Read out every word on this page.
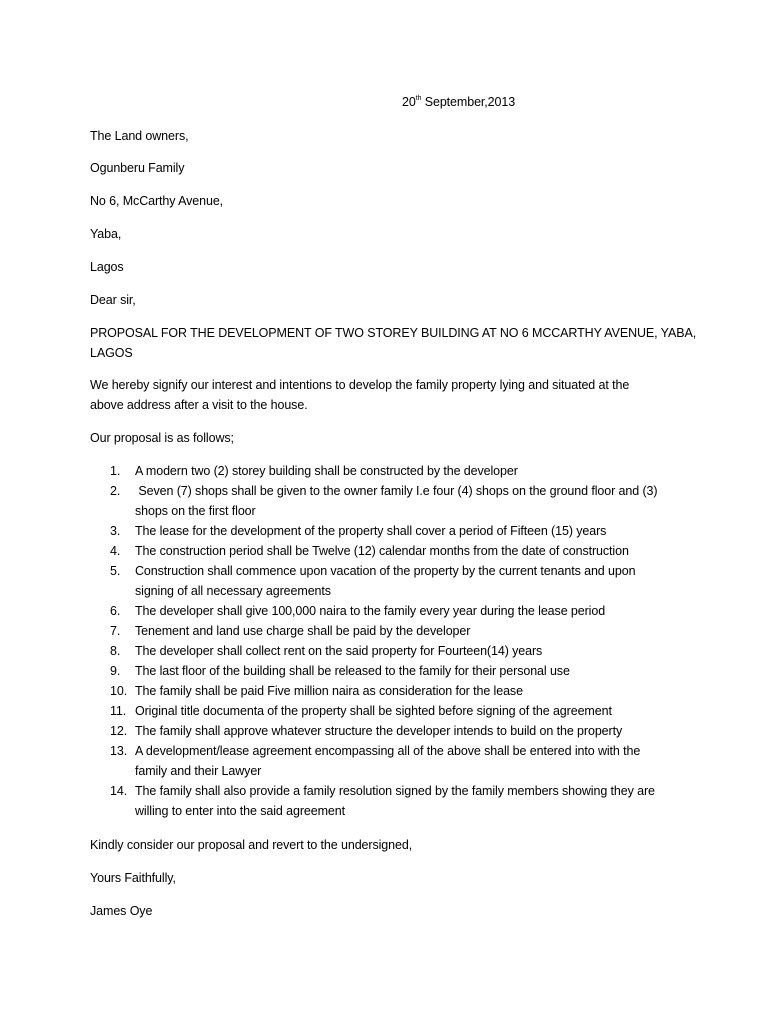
20th September,2013
The Land owners,
Ogunberu Family
No 6, McCarthy Avenue,
Yaba,
Lagos
Dear sir,
PROPOSAL FOR THE DEVELOPMENT OF TWO STOREY BUILDING AT NO 6 MCCARTHY AVENUE, YABA,
LAGOS
We hereby signify our interest and intentions to develop the family property lying and situated at the
above address after a visit to the house.
Our proposal is as follows;
1. A modern two (2) storey building shall be constructed by the developer
2. Seven (7) shops shall be given to the owner family I.e four (4) shops on the ground floor and (3)
shops on the first floor
3. The lease for the development of the property shall cover a period of Fifteen (15) years
4. The construction period shall be Twelve (12) calendar months from the date of construction
5. Construction shall commence upon vacation of the property by the current tenants and upon
signing of all necessary agreements
6. The developer shall give 100,000 naira to the family every year during the lease period
7. Tenement and land use charge shall be paid by the developer
8. The developer shall collect rent on the said property for Fourteen(14) years
9. The last floor of the building shall be released to the family for their personal use
10. The family shall be paid Five million naira as consideration for the lease
11. Original title documenta of the property shall be sighted before signing of the agreement
12. The family shall approve whatever structure the developer intends to build on the property
13. A development/lease agreement encompassing all of the above shall be entered into with the
family and their Lawyer
14. The family shall also provide a family resolution signed by the family members showing they are
willing to enter into the said agreement
Kindly consider our proposal and revert to the undersigned,
Yours Faithfully,
James Oye
